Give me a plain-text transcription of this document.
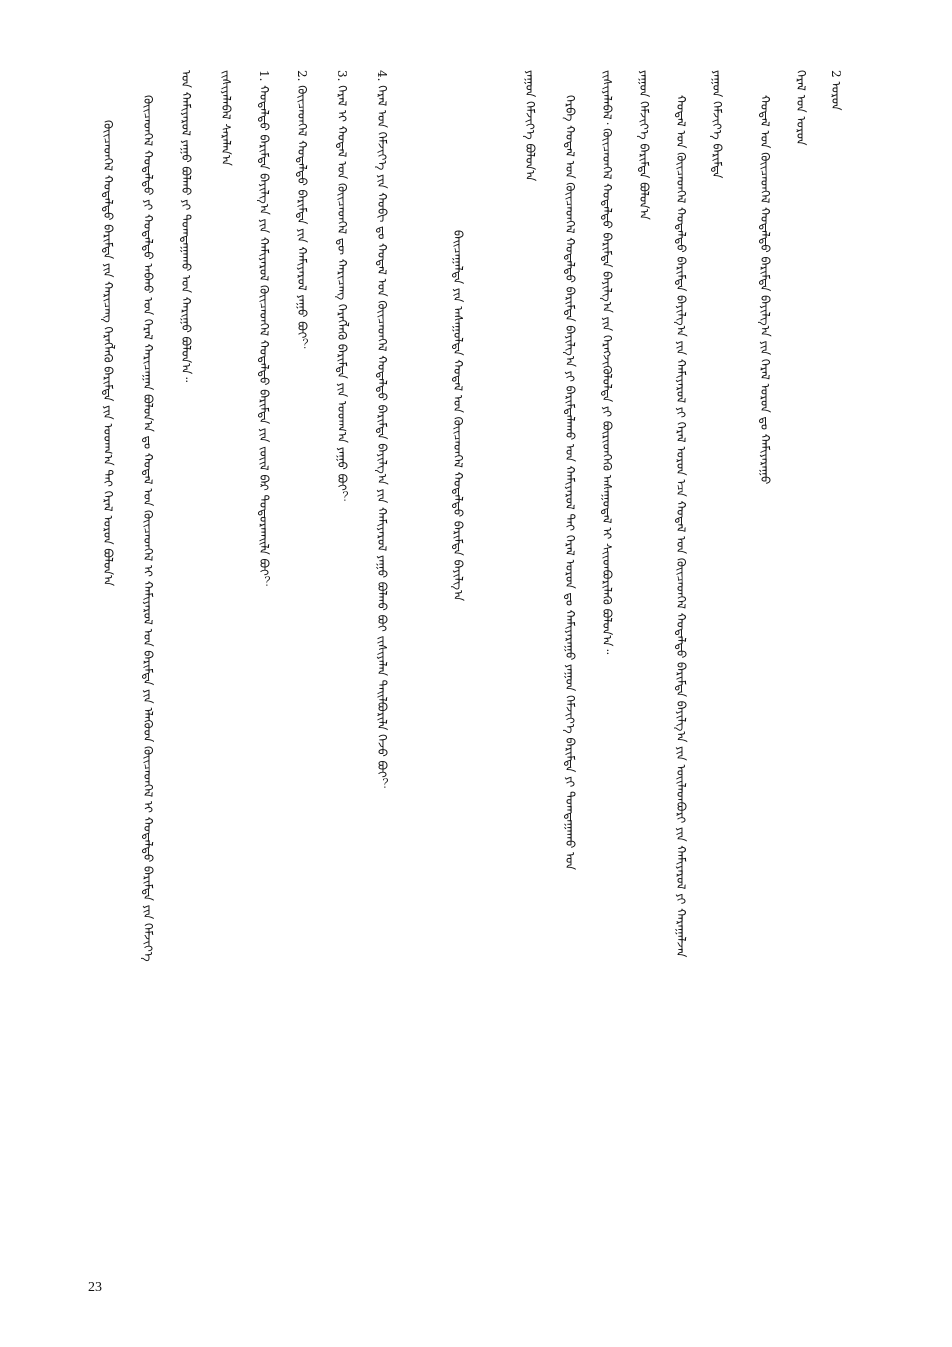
2 ᠤᠷᠤᠨ
ᠭᠡᠷᠡᠯ ᠤᠨ ᠤᠷᠤᠨ
ᠬᠤᠳᠠᠯ ᠤᠨ ᠭᠦᠢᠴᠡᠳᠭᠡᠯ ᠬᠤᠳᠠᠯᠳᠤ ᠪᠠᠷᠢᠮᠲᠠ ᠪᠠᠶᠢᠯᠭ᠎ᠠ ᠶᠢᠨ ᠭᠡᠷᠡᠯ ᠤᠷᠤᠨ ᠳᠤ ᠬᠠᠮᠢᠶᠠᠷᠠᠭᠤ
ᠶᠠᠭᠤᠨ ᠬᠡᠮᠵᠢᠶ᠎ᠡ ᠪᠠᠷᠢᠮᠲᠠ
ᠬᠤᠳᠠᠯ ᠤᠨ ᠭᠦᠢᠴᠡᠳᠭᠡᠯ ᠬᠤᠳᠠᠯᠳᠤ ᠪᠠᠷᠢᠮᠲᠠ ᠪᠠᠶᠢᠯᠭ᠎ᠠ ᠶᠢᠨ ᠬᠠᠮᠢᠶᠠᠷᠤᠯ ᠶᠢ ᠭᠡᠷᠡᠯ ᠤᠷᠤᠨ ᠡᠴᠡ ᠬᠤᠳᠠᠯ ᠤᠨ ᠭᠦᠢᠴᠡᠳᠭᠡᠯ ᠬᠤᠳᠠᠯᠳᠤ ᠪᠠᠷᠢᠮᠲᠠ ᠪᠠᠶᠢᠯᠭ᠎ᠠ ᠶᠢᠨ ᠦᠢᠯᠡᠳᠪᠦᠷᠢ ᠶᠢᠨ ᠬᠠᠮᠢᠶᠠᠷᠤᠯ ᠶᠢ ᠬᠠᠷᠠᠭᠠᠯᠵᠠᠨ
ᠶᠠᠭᠤᠨ ᠬᠡᠮᠵᠢᠶ᠎ᠡ ᠪᠠᠷᠢᠮᠲᠠ ᠪᠣᠯᠤᠨ᠎ᠠ
ᠵᠢᠱᠢᠶᠡᠯᠡᠪᠡᠯ᠂ ᠭᠦᠢᠴᠡᠳᠭᠡᠯ ᠬᠤᠳᠠᠯᠳᠤ ᠪᠠᠷᠢᠮᠲᠠ ᠪᠠᠶᠢᠯᠭ᠎ᠠ ᠶᠢᠨ ᠬᠡᠷᠡᠭᠵᠢᠭᠦᠯᠦᠯᠳᠡ ᠶᠢ ᠪᠦᠷᠢᠳᠬᠡᠬᠦ ᠠᠰᠠᠭᠤᠳᠠᠯ ᠢ ᠰᠢᠢᠳᠪᠦᠷᠢᠯᠡᠬᠦ ᠪᠣᠯᠤᠨ᠎ᠠ᠃
ᠬᠡᠷᠪᠡ ᠬᠤᠳᠠᠯ ᠤᠨ ᠭᠦᠢᠴᠡᠳᠭᠡᠯ ᠬᠤᠳᠠᠯᠳᠤ ᠪᠠᠷᠢᠮᠲᠠ ᠪᠠᠶᠢᠯᠭ᠎ᠠ ᠶᠢ ᠪᠠᠷᠢᠮᠲᠠᠯᠠᠬᠤ ᠤᠨ ᠬᠠᠮᠢᠶᠠᠷᠤᠯ ᠲᠠᠢ ᠭᠡᠷᠡᠯ ᠤᠷᠤᠨ ᠳᠤ ᠬᠠᠮᠢᠶᠠᠷᠠᠭᠤ ᠶᠠᠭᠤᠨ ᠬᠡᠮᠵᠢᠶ᠎ᠡ ᠪᠠᠷᠢᠮᠲᠠ ᠶᠢ ᠲᠣᠭᠲᠠᠭᠠᠬᠤ ᠤᠨ
ᠶᠠᠭᠤᠨ ᠬᠡᠮᠵᠢᠶ᠎ᠡ ᠪᠣᠯᠤᠨ᠎ᠠ
ᠪᠠᠢᠴᠠᠭᠠᠯᠲᠠ ᠶᠢᠨ ᠠᠰᠠᠭᠤᠯᠲᠠ ᠬᠤᠳᠠᠯ ᠤᠨ ᠭᠦᠢᠴᠡᠳᠭᠡᠯ ᠬᠤᠳᠠᠯᠳᠤ ᠪᠠᠷᠢᠮᠲᠠ ᠪᠠᠶᠢᠯᠭ᠎ᠠ
4. ᠭᠡᠷᠡᠯ ᠤᠨ ᠬᠡᠮᠵᠢᠶ᠎ᠡ ᠶᠢᠨ ᠬᠤᠪᠢ ᠳᠤ ᠬᠤᠳᠠᠯ ᠤᠨ ᠭᠦᠢᠴᠡᠳᠭᠡᠯ ᠬᠤᠳᠠᠯᠳᠤ ᠪᠠᠷᠢᠮᠲᠠ ᠪᠠᠶᠢᠯᠭ᠎ᠠ ᠶᠢᠨ ᠬᠠᠮᠢᠶᠠᠷᠤᠯ ᠶᠠᠭᠤ ᠪᠣᠯᠬᠤ ᠪᠤᠢ ᠵᠢᠱᠢᠶᠡᠯᠡᠨ ᠲᠠᠢᠯᠪᠤᠷᠢᠯᠠ ᠭᠡᠵᠦ ᠪᠤᠢ？
3. ᠭᠡᠷᠡᠯ ᠢ ᠬᠤᠳᠠᠯ ᠤᠨ ᠭᠦᠢᠴᠡᠳᠭᠡᠯ ᠳᠦ ᠬᠠᠷᠢᠴᠠᠩ ᠬᠡᠷᠡᠭᠯᠡᠬᠦ ᠪᠠᠷᠢᠮᠲᠠ ᠶᠢᠨ ᠤᠳᠬ᠎ᠠ ᠶᠠᠭᠤ ᠪᠤᠢ？
2. ᠭᠦᠢᠴᠡᠳᠭᠡᠯ ᠬᠤᠳᠠᠯᠳᠤ ᠪᠠᠷᠢᠮᠲᠠ ᠶᠢᠨ ᠬᠠᠮᠢᠶᠠᠷᠤᠯ ᠶᠠᠭᠤ ᠪᠤᠢ？
1. ᠬᠤᠳᠠᠯᠳᠤ ᠪᠠᠷᠢᠮᠲᠠ ᠪᠠᠶᠢᠯᠭ᠎ᠠ ᠶᠢᠨ ᠬᠠᠮᠢᠶᠠᠷᠤᠯ ᠭᠦᠢᠴᠡᠳᠭᠡᠯ ᠬᠤᠳᠠᠯᠳᠤ ᠪᠠᠷᠢᠮᠲᠠ ᠶᠢᠨ ᠵᠦᠢᠯ ᠪᠠᠷ ᠲᠣᠳᠤᠷᠬᠠᠢᠯᠠ ᠪᠤᠢ？
ᠵᠢᠱᠢᠶᠡᠯᠡᠪᠡᠯ ᠰᠠᠷᠠᠯᠠᠨ᠎ᠠ
ᠤᠨ ᠬᠠᠮᠢᠶᠠᠷᠤᠯ ᠶᠠᠭᠤ ᠪᠣᠯᠬᠤ ᠶᠢ ᠲᠣᠭᠲᠠᠭᠠᠬᠤ ᠤᠨ ᠬᠠᠷᠢᠭᠤ ᠪᠣᠯᠤᠨ᠎ᠠ᠃
ᠭᠦᠢᠴᠡᠳᠭᠡᠯ ᠬᠤᠳᠠᠯᠳᠤ ᠶᠢ ᠬᠤᠳᠠᠯᠳᠤ ᠠᠪᠬᠤ ᠤᠨ ᠭᠡᠷᠡᠯ ᠬᠠᠷᠢᠴᠠᠭᠠᠨ ᠪᠣᠯᠤᠨ᠎ᠠ ᠳᠤ ᠬᠤᠳᠠᠯ ᠤᠨ ᠭᠦᠢᠴᠡᠳᠭᠡᠯ ᠢ ᠬᠠᠮᠢᠶᠠᠷᠤᠯ ᠤᠨ ᠪᠠᠷᠢᠮᠲᠠ ᠶᠢᠨ ᠡᠯᠡᠭᠦᠳ ᠭᠦᠢᠴᠡᠳᠭᠡᠯ ᠢ ᠬᠤᠳᠠᠯᠳᠤ ᠪᠠᠷᠢᠮᠲᠠ ᠶᠢᠨ ᠬᠡᠮᠵᠢᠶ᠎ᠡ
ᠭᠦᠢᠴᠡᠳᠭᠡᠯ ᠬᠤᠳᠠᠯᠳᠤ ᠪᠠᠷᠢᠮᠲᠠ ᠶᠢᠨ ᠬᠠᠷᠢᠴᠠᠩ ᠬᠡᠷᠡᠭᠯᠡᠬᠦ ᠪᠠᠷᠢᠮᠲᠠ ᠶᠢᠨ ᠤᠳᠬ᠎ᠠ ᠲᠠᠢ ᠭᠡᠷᠡᠯ ᠤᠷᠤᠨ ᠪᠣᠯᠤᠨ᠎ᠠ
23
